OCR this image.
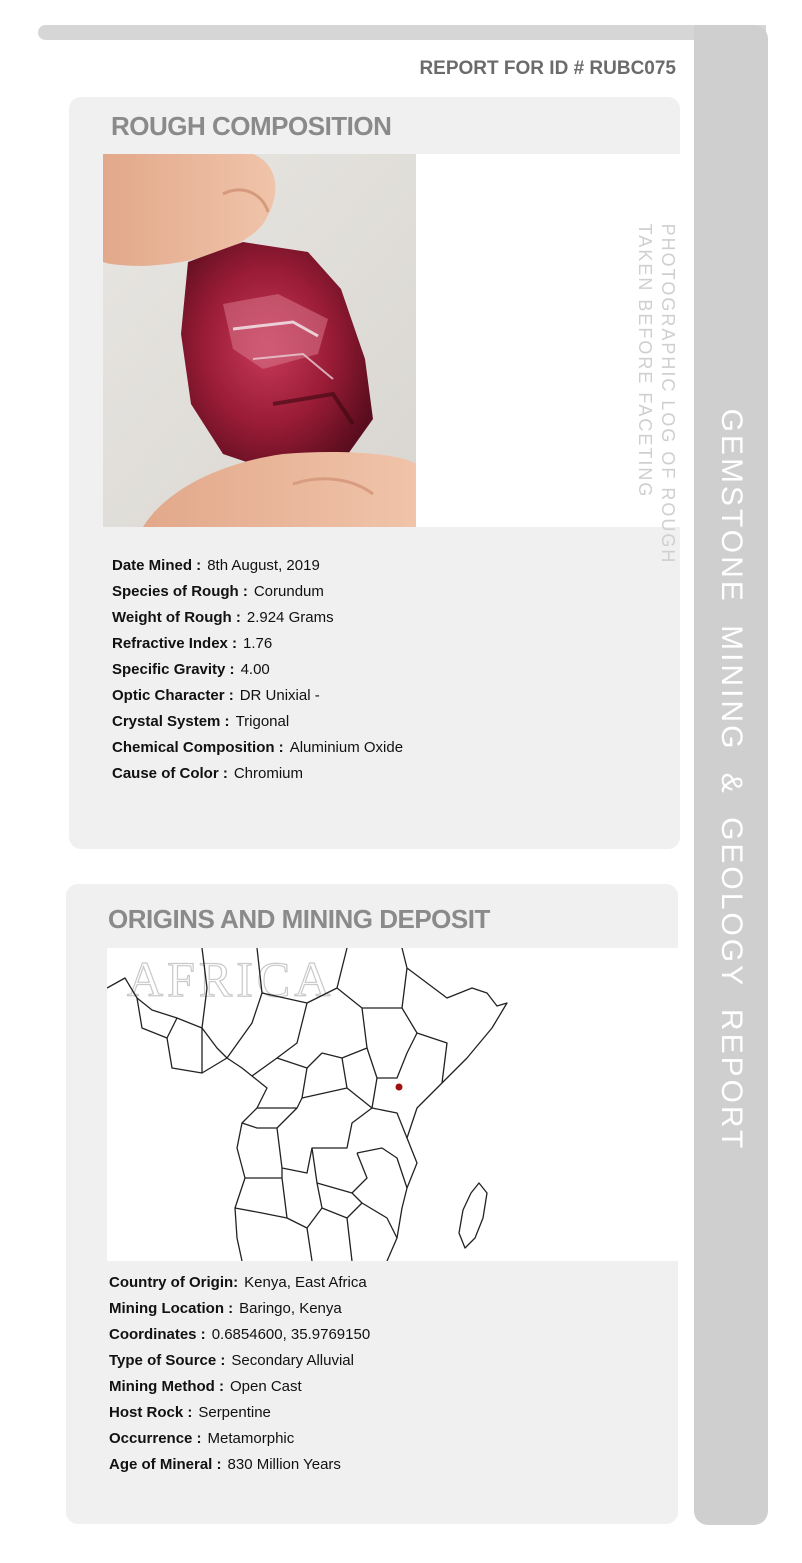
GEMSTONE MINING & GEOLOGY REPORT
REPORT FOR ID # RUBC075
ROUGH COMPOSITION
PHOTOGRAPHIC LOG OF ROUGH
TAKEN BEFORE FACETING
Date Mined : 8th August, 2019
Species of Rough : Corundum
Weight of Rough : 2.924 Grams
Refractive Index : 1.76
Specific Gravity : 4.00
Optic Character : DR Unixial -
Crystal System : Trigonal
Chemical Composition : Aluminium Oxide
Cause of Color : Chromium
ORIGINS AND MINING DEPOSIT
AFRICA
Country of Origin: Kenya, East Africa
Mining Location : Baringo, Kenya
Coordinates : 0.6854600, 35.9769150
Type of Source : Secondary Alluvial
Mining Method : Open Cast
Host Rock : Serpentine
Occurrence : Metamorphic
Age of Mineral : 830 Million Years
